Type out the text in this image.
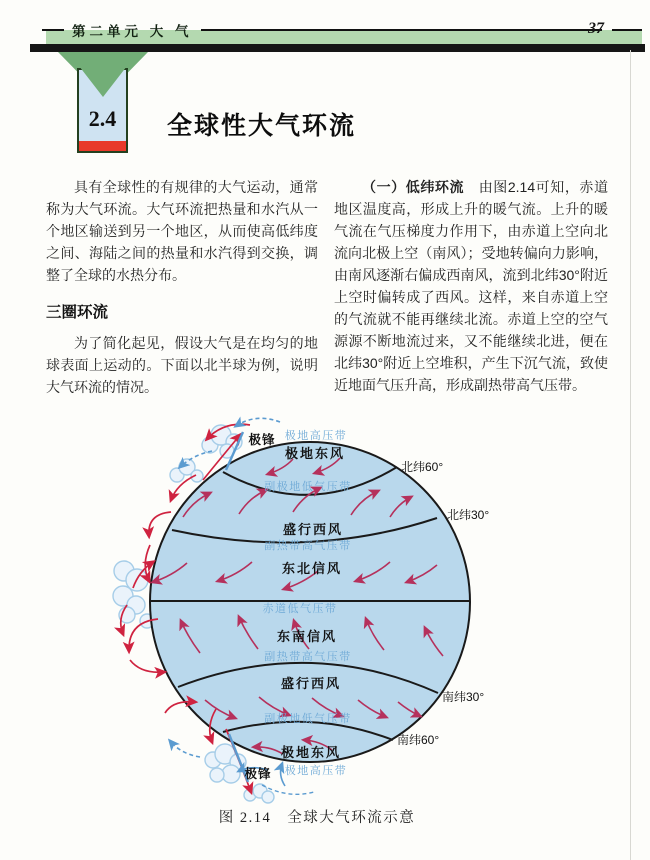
第二单元 大 气	37
2.4	全球性大气环流

具有全球性的有规律的大气运动，通常称为大气环流。大气环流把热量和水汽从一个地区输送到另一个地区，从而使高低纬度之间、海陆之间的热量和水汽得到交换，调整了全球的水热分布。

三圈环流

为了简化起见，假设大气是在均匀的地球表面上运动的。下面以北半球为例，说明大气环流的情况。

（一）低纬环流　 由图2.14可知，赤道地区温度高，形成上升的暖气流。上升的暖气流在气压梯度力作用下，由赤道上空向北流向北极上空（南风）；受地转偏向力影响，由南风逐渐右偏成西南风，流到北纬30°附近上空时偏转成了西风。这样，来自赤道上空的气流就不能再继续北流。赤道上空的空气源源不断地流过来，又不能继续北进，便在北纬30°附近上空堆积，产生下沉气流，致使近地面气压升高，形成副热带高气压带。

极地高压带
副极地低气压带
副热带高气压带
赤道低气压带
副热带高气压带
副极地低气压带
极地高压带
极地东风
盛行西风
东北信风
东南信风
盛行西风
极地东风
北纬60°
北纬30°
南纬30°
南纬60°
极锋
极锋
图 2.14　全球大气环流示意
